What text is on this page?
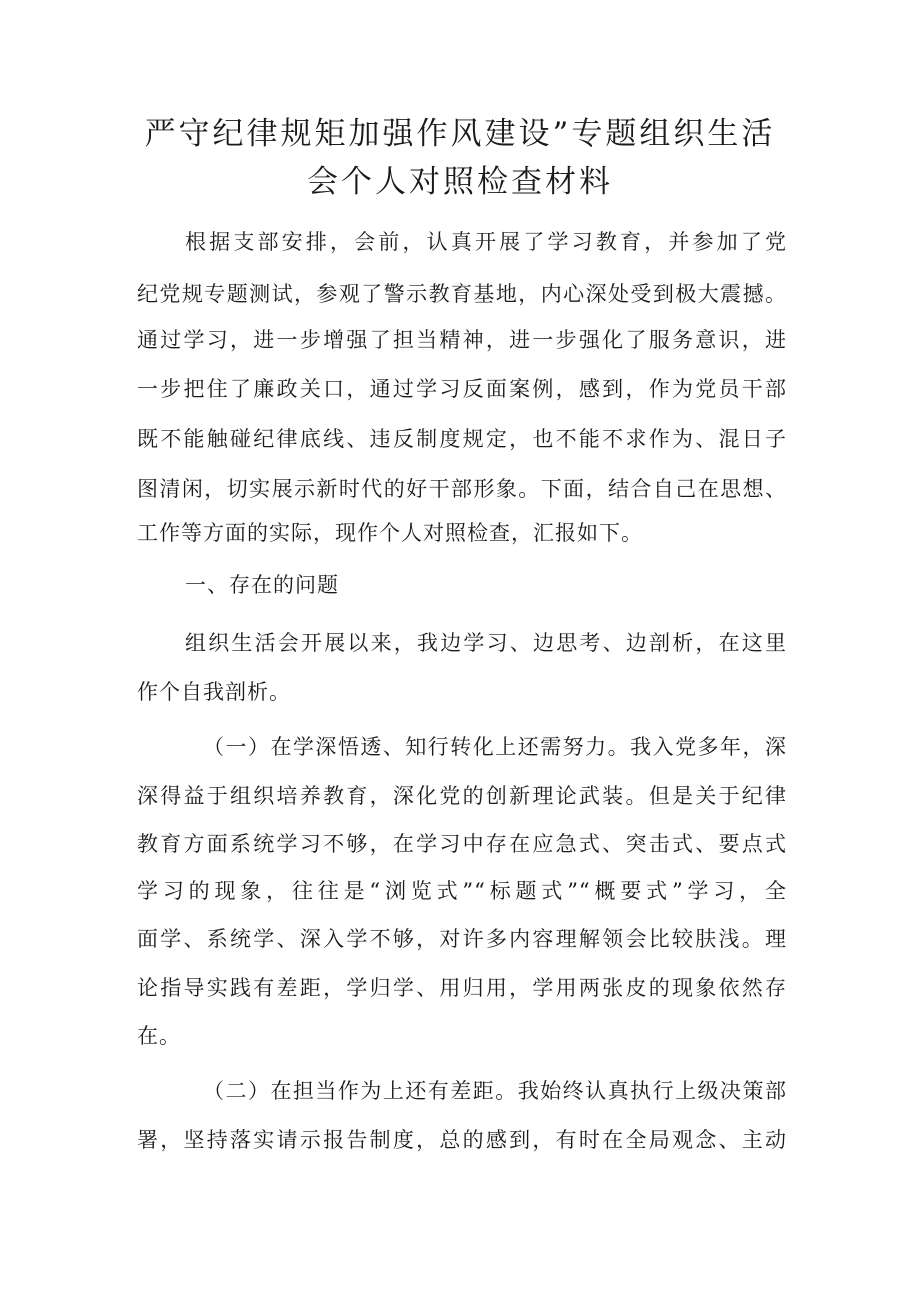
严守纪律规矩加强作风建设”专题组织生活
会个人对照检查材料

根据支部安排，会前，认真开展了学习教育，并参加了党

纪党规专题测试，参观了警示教育基地，内心深处受到极大震撼。

通过学习，进一步增强了担当精神，进一步强化了服务意识，进

一步把住了廉政关口，通过学习反面案例，感到，作为党员干部

既不能触碰纪律底线、违反制度规定，也不能不求作为、混日子

图清闲，切实展示新时代的好干部形象。下面，结合自己在思想、

工作等方面的实际，现作个人对照检查，汇报如下。

一、存在的问题

组织生活会开展以来，我边学习、边思考、边剖析，在这里

作个自我剖析。

（一）在学深悟透、知行转化上还需努力。我入党多年，深

深得益于组织培养教育，深化党的创新理论武装。但是关于纪律

教育方面系统学习不够，在学习中存在应急式、突击式、要点式

学习的现象，往往是“浏览式”“标题式”“概要式”学习，全

面学、系统学、深入学不够，对许多内容理解领会比较肤浅。理

论指导实践有差距，学归学、用归用，学用两张皮的现象依然存

在。

（二）在担当作为上还有差距。我始终认真执行上级决策部

署，坚持落实请示报告制度，总的感到，有时在全局观念、主动
